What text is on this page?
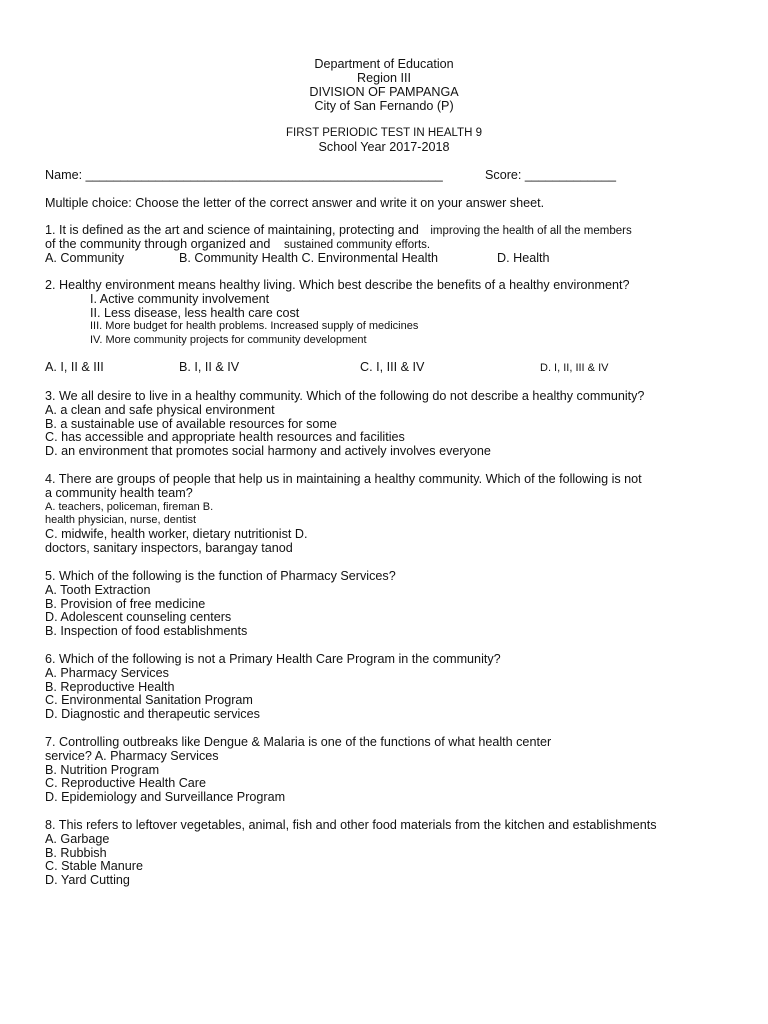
Department of Education
Region III
DIVISION OF PAMPANGA
City of San Fernando (P)
FIRST PERIODIC TEST IN HEALTH 9
School Year 2017-2018
Name: ___________________________________________________	Score: _____________
Multiple choice: Choose the letter of the correct answer and write it on your answer sheet.
1. It is defined as the art and science of maintaining, protecting and improving the health of all the members
of the community through organized and sustained community efforts.
A. Community	B. Community Health C. Environmental Health	D. Health
2. Healthy environment means healthy living. Which best describe the benefits of a healthy environment?
I. Active community involvement
II. Less disease, less health care cost
III. More budget for health problems. Increased supply of medicines
IV. More community projects for community development
A. I, II & III	B. I, II & IV	C. I, III & IV	D. I, II, III & IV
3. We all desire to live in a healthy community. Which of the following do not describe a healthy community?
A. a clean and safe physical environment
B. a sustainable use of available resources for some
C. has accessible and appropriate health resources and facilities
D. an environment that promotes social harmony and actively involves everyone
4. There are groups of people that help us in maintaining a healthy community. Which of the following is not
a community health team?
A. teachers, policeman, fireman B.
health physician, nurse, dentist
C. midwife, health worker, dietary nutritionist D.
doctors, sanitary inspectors, barangay tanod
5. Which of the following is the function of Pharmacy Services?
A. Tooth Extraction
B. Provision of free medicine
D. Adolescent counseling centers
B. Inspection of food establishments
6. Which of the following is not a Primary Health Care Program in the community?
A. Pharmacy Services
B. Reproductive Health
C. Environmental Sanitation Program
D. Diagnostic and therapeutic services
7. Controlling outbreaks like Dengue & Malaria is one of the functions of what health center
service? A. Pharmacy Services
B. Nutrition Program
C. Reproductive Health Care
D. Epidemiology and Surveillance Program
8. This refers to leftover vegetables, animal, fish and other food materials from the kitchen and establishments
A. Garbage
B. Rubbish
C. Stable Manure
D. Yard Cutting
